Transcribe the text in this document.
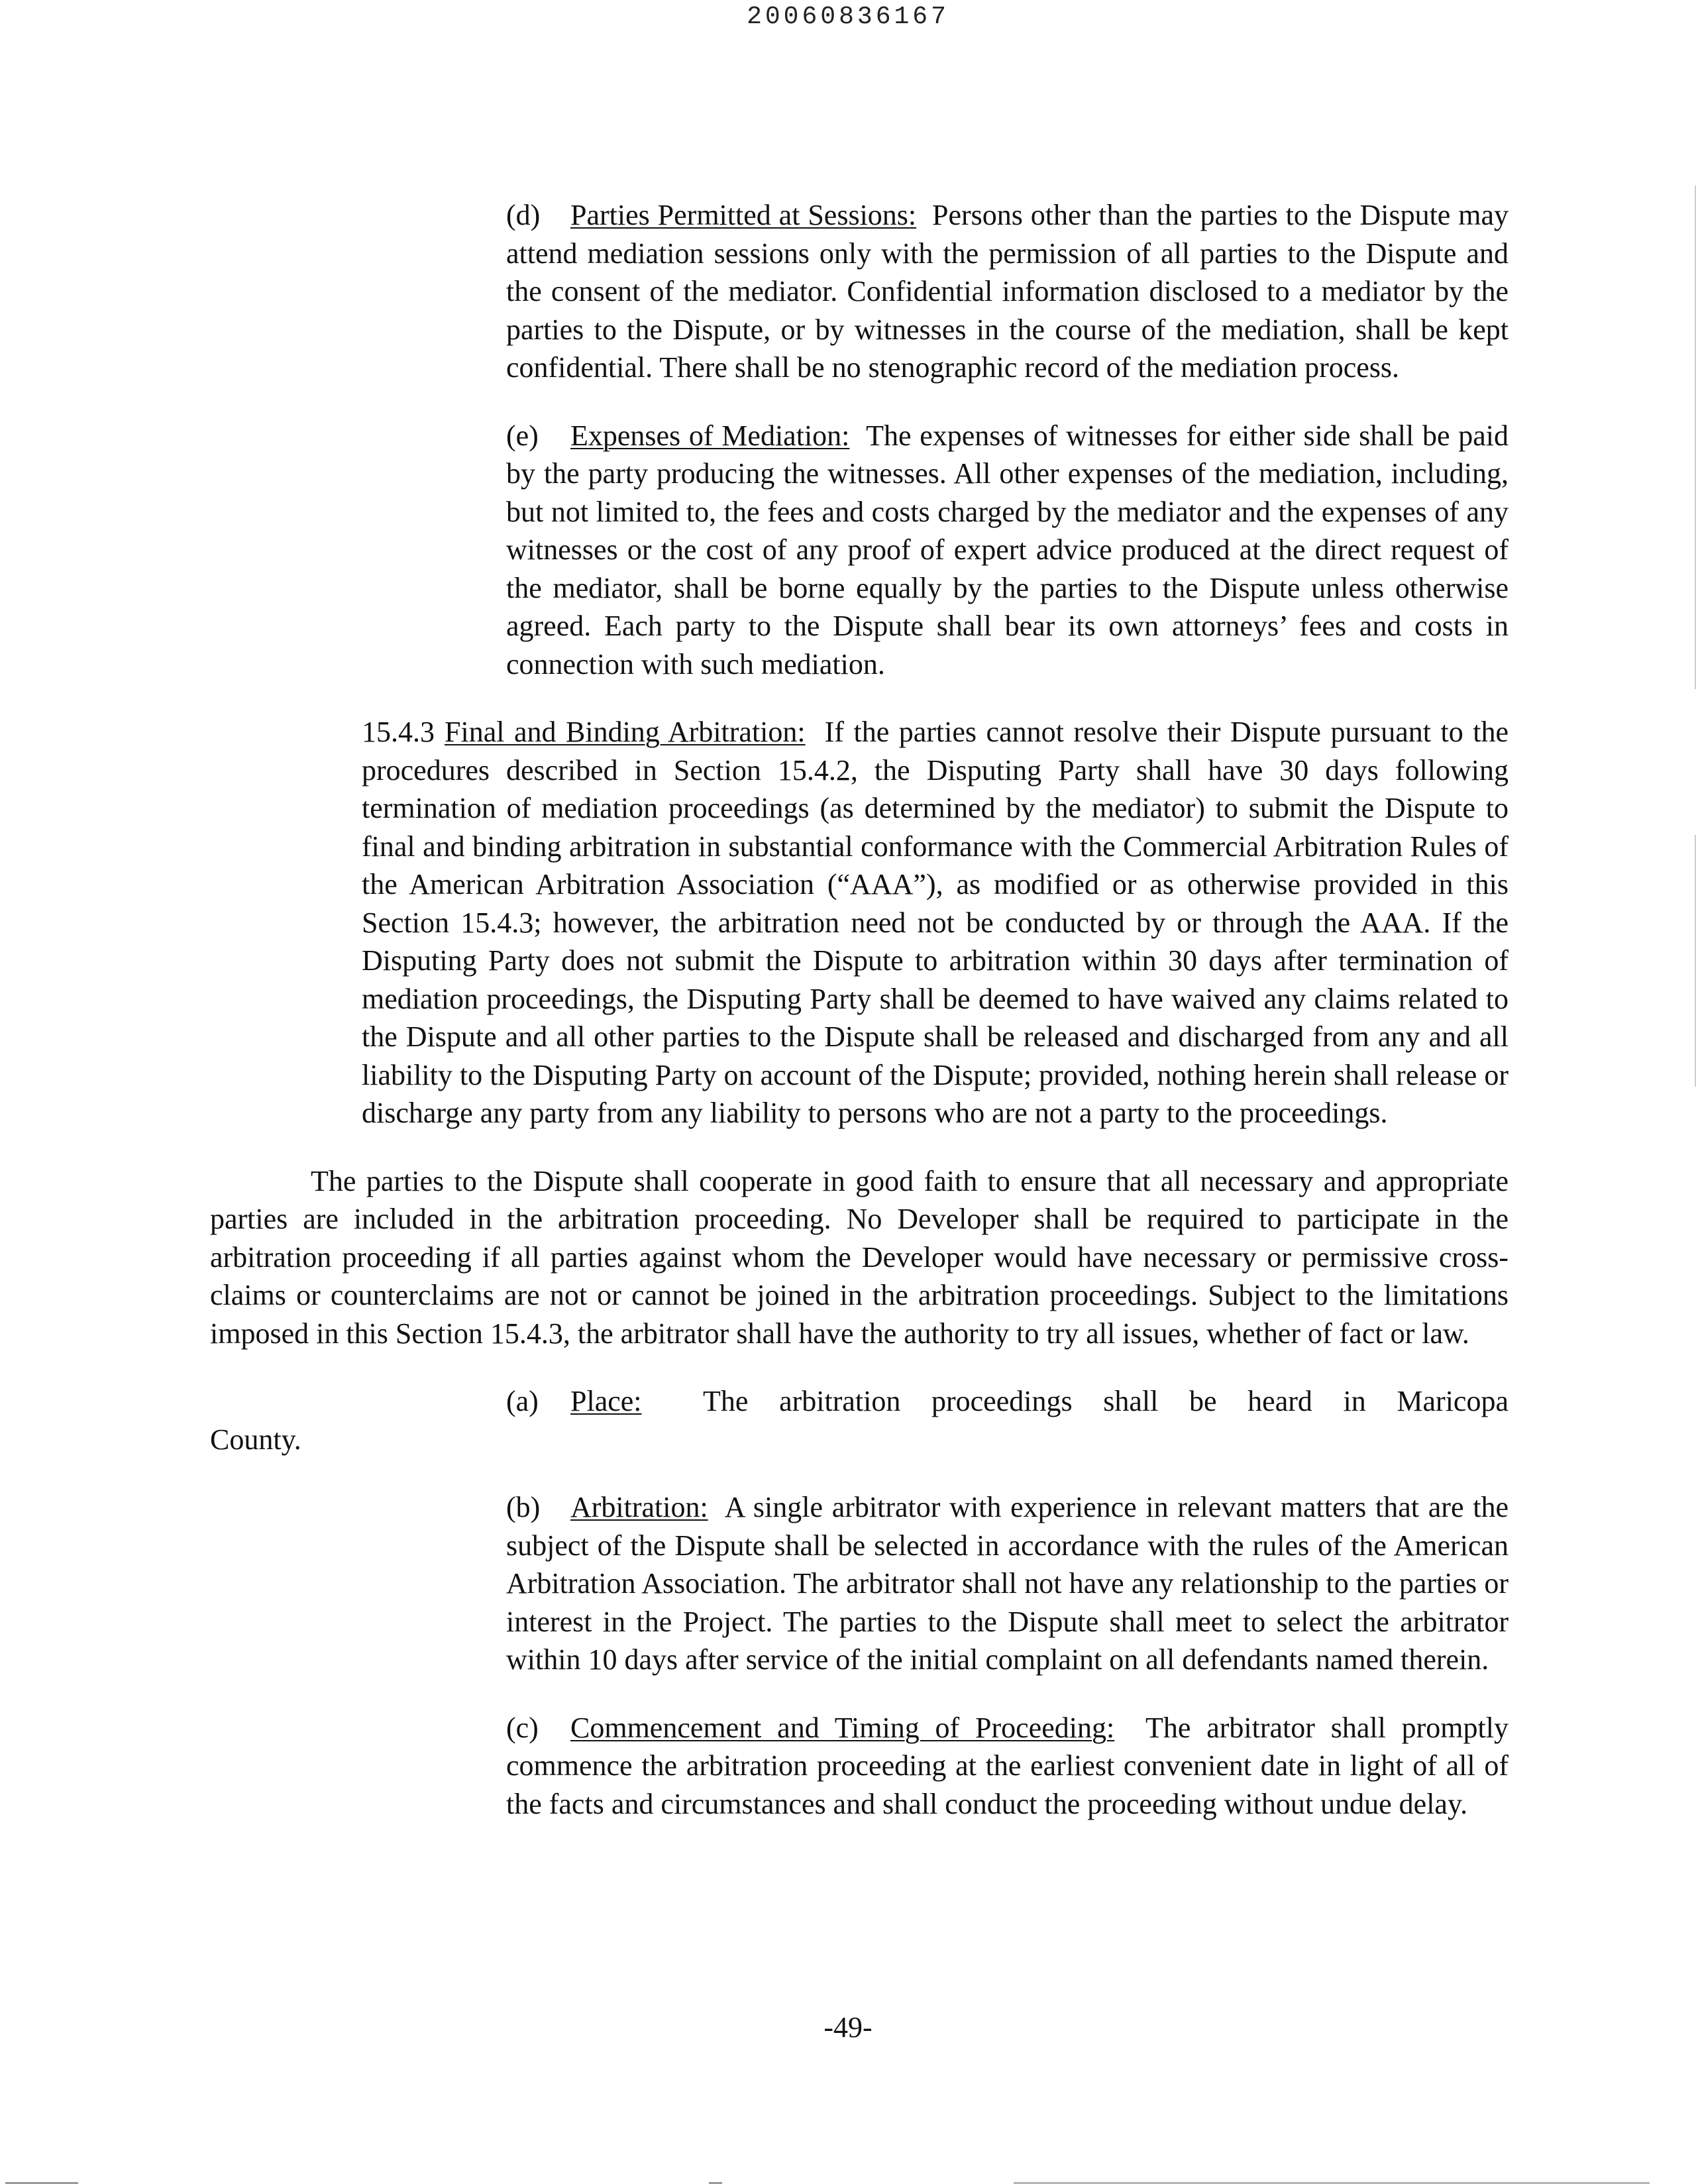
20060836167

(d) Parties Permitted at Sessions: Persons other than the parties to the Dispute may attend mediation sessions only with the permission of all parties to the Dispute and the consent of the mediator. Confidential information disclosed to a mediator by the parties to the Dispute, or by witnesses in the course of the mediation, shall be kept confidential. There shall be no stenographic record of the mediation process.

(e) Expenses of Mediation: The expenses of witnesses for either side shall be paid by the party producing the witnesses. All other expenses of the mediation, including, but not limited to, the fees and costs charged by the mediator and the expenses of any witnesses or the cost of any proof of expert advice produced at the direct request of the mediator, shall be borne equally by the parties to the Dispute unless otherwise agreed. Each party to the Dispute shall bear its own attorneys’ fees and costs in connection with such mediation.

15.4.3 Final and Binding Arbitration: If the parties cannot resolve their Dispute pursuant to the procedures described in Section 15.4.2, the Disputing Party shall have 30 days following termination of mediation proceedings (as determined by the mediator) to submit the Dispute to final and binding arbitration in substantial conformance with the Commercial Arbitration Rules of the American Arbitration Association (“AAA”), as modified or as otherwise provided in this Section 15.4.3; however, the arbitration need not be conducted by or through the AAA. If the Disputing Party does not submit the Dispute to arbitration within 30 days after termination of mediation proceedings, the Disputing Party shall be deemed to have waived any claims related to the Dispute and all other parties to the Dispute shall be released and discharged from any and all liability to the Disputing Party on account of the Dispute; provided, nothing herein shall release or discharge any party from any liability to persons who are not a party to the proceedings.

The parties to the Dispute shall cooperate in good faith to ensure that all necessary and appropriate parties are included in the arbitration proceeding. No Developer shall be required to participate in the arbitration proceeding if all parties against whom the Developer would have necessary or permissive cross-claims or counterclaims are not or cannot be joined in the arbitration proceedings. Subject to the limitations imposed in this Section 15.4.3, the arbitrator shall have the authority to try all issues, whether of fact or law.

(a) Place: The arbitration proceedings shall be heard in Maricopa

County.

(b) Arbitration: A single arbitrator with experience in relevant matters that are the subject of the Dispute shall be selected in accordance with the rules of the American Arbitration Association. The arbitrator shall not have any relationship to the parties or interest in the Project. The parties to the Dispute shall meet to select the arbitrator within 10 days after service of the initial complaint on all defendants named therein.

(c) Commencement and Timing of Proceeding: The arbitrator shall promptly commence the arbitration proceeding at the earliest convenient date in light of all of the facts and circumstances and shall conduct the proceeding without undue delay.

-49-
